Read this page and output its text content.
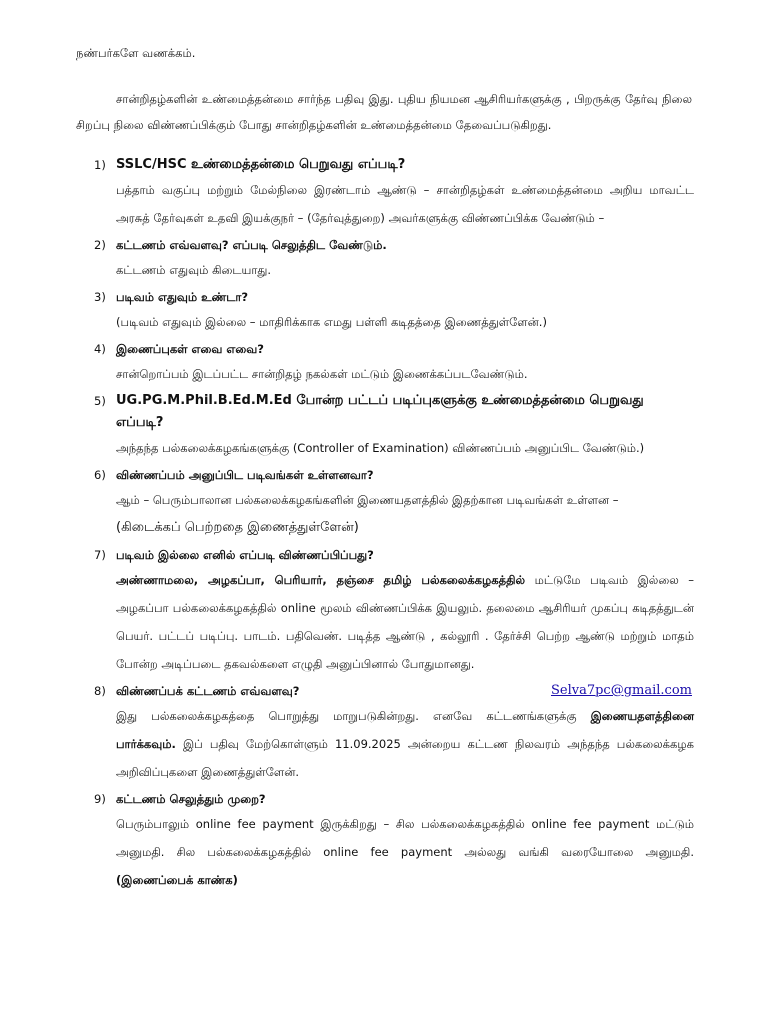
நண்பர்களே வணக்கம்.
சான்றிதழ்களின் உண்மைத்தன்மை சார்ந்த பதிவு இது. புதிய நியமன ஆசிரியர்களுக்கு , பிறருக்கு தேர்வு நிலை சிறப்பு நிலை விண்ணப்பிக்கும் போது சான்றிதழ்களின் உண்மைத்தன்மை தேவைப்படுகிறது.
1) SSLC/HSC உண்மைத்தன்மை பெறுவது எப்படி?
பத்தாம் வகுப்பு மற்றும் மேல்நிலை இரண்டாம் ஆண்டு – சான்றிதழ்கள் உண்மைத்தன்மை அறிய மாவட்ட அரசுத் தேர்வுகள் உதவி இயக்குநர் – (தேர்வுத்துறை) அவர்களுக்கு விண்ணப்பிக்க வேண்டும் –
2) கட்டணம் எவ்வளவு? எப்படி செலுத்திட வேண்டும்.
கட்டணம் எதுவும் கிடையாது.
3) படிவம் எதுவும் உண்டா?
(படிவம் எதுவும் இல்லை – மாதிரிக்காக எமது பள்ளி கடிதத்தை இணைத்துள்ளேன்.)
4) இணைப்புகள் எவை எவை?
சான்றொப்பம் இடப்பட்ட சான்றிதழ் நகல்கள் மட்டும் இணைக்கப்படவேண்டும்.
5) UG.PG.M.Phil.B.Ed.M.Ed போன்ற பட்டப் படிப்புகளுக்கு உண்மைத்தன்மை பெறுவது எப்படி?
அந்தந்த பல்கலைக்கழகங்களுக்கு (Controller of Examination) விண்ணப்பம் அனுப்பிட வேண்டும்.)
6) விண்ணப்பம் அனுப்பிட படிவங்கள் உள்ளனவா?
ஆம் – பெரும்பாலான பல்கலைக்கழகங்களின் இணையதளத்தில் இதற்கான படிவங்கள் உள்ளன –
(கிடைக்கப் பெற்றதை இணைத்துள்ளேன்)
7) படிவம் இல்லை எனில் எப்படி விண்ணப்பிப்பது?
அண்ணாமலை, அழகப்பா, பெரியார், தஞ்சை தமிழ் பல்கலைக்கழகத்தில் மட்டுமே படிவம் இல்லை – அழகப்பா பல்கலைக்கழகத்தில் online மூலம் விண்ணப்பிக்க இயலும். தலைமை ஆசிரியர் முகப்பு கடிதத்துடன் பெயர். பட்டப் படிப்பு. பாடம். பதிவெண். படித்த ஆண்டு , கல்லூரி . தேர்ச்சி பெற்ற ஆண்டு மற்றும் மாதம் போன்ற அடிப்படை தகவல்களை எழுதி அனுப்பினால் போதுமானது.
8) விண்ணப்பக் கட்டணம் எவ்வளவு?	Selva7pc@gmail.com
இது பல்கலைக்கழகத்தை பொறுத்து மாறுபடுகின்றது. எனவே கட்டணங்களுக்கு இணையதளத்தினை பார்க்கவும். இப் பதிவு மேற்கொள்ளும் 11.09.2025 அன்றைய கட்டண நிலவரம் அந்தந்த பல்கலைக்கழக அறிவிப்புகளை இணைத்துள்ளேன்.
9) கட்டணம் செலுத்தும் முறை?
பெரும்பாலும் online fee payment இருக்கிறது – சில பல்கலைக்கழகத்தில் online fee payment மட்டும் அனுமதி. சில பல்கலைக்கழகத்தில் online fee payment அல்லது வங்கி வரையோலை அனுமதி. (இணைப்பைக் காண்க)
